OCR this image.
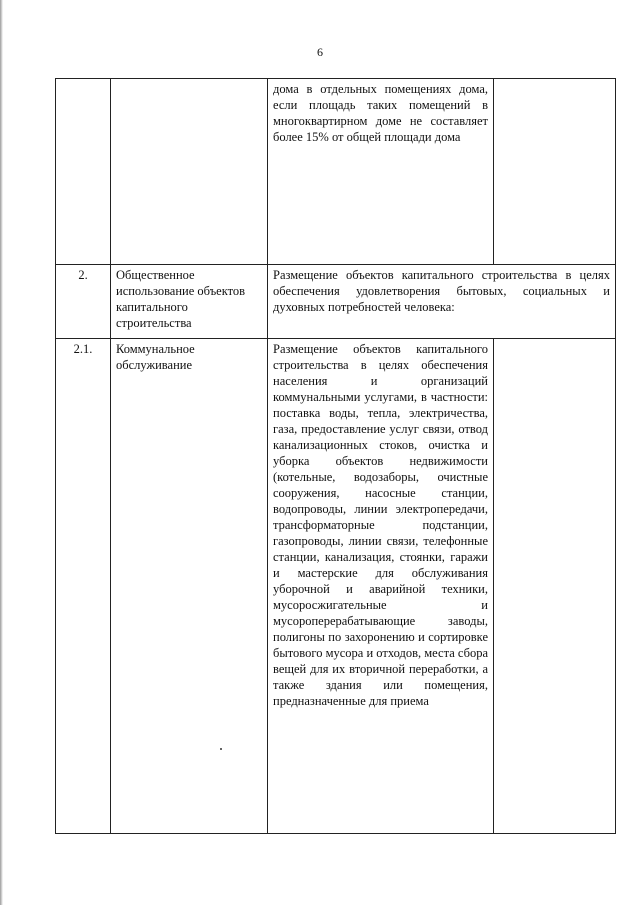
6
		дома в отдельных помещениях дома, если площадь таких помещений в многоквартирном доме не составляет более 15% от общей площади дома	
2.	Общественное использование объектов капитального строительства	Размещение объектов капитального строительства в целях обеспечения удовлетворения бытовых, социальных и духовных потребностей человека:	
2.1.	Коммунальное обслуживание	Размещение объектов капитального строительства в целях обеспечения населения и организаций коммунальными услугами, в частности: поставка воды, тепла, электричества, газа, предоставление услуг связи, отвод канализационных стоков, очистка и уборка объектов недвижимости (котельные, водозаборы, очистные сооружения, насосные станции, водопроводы, линии электропередачи, трансформаторные подстанции, газопроводы, линии связи, телефонные станции, канализация, стоянки, гаражи и мастерские для обслуживания уборочной и аварийной техники, мусоросжигательные и мусороперерабатывающие заводы, полигоны по захоронению и сортировке бытового мусора и отходов, места сбора вещей для их вторичной переработки, а также здания или помещения, предназначенные для приема	
